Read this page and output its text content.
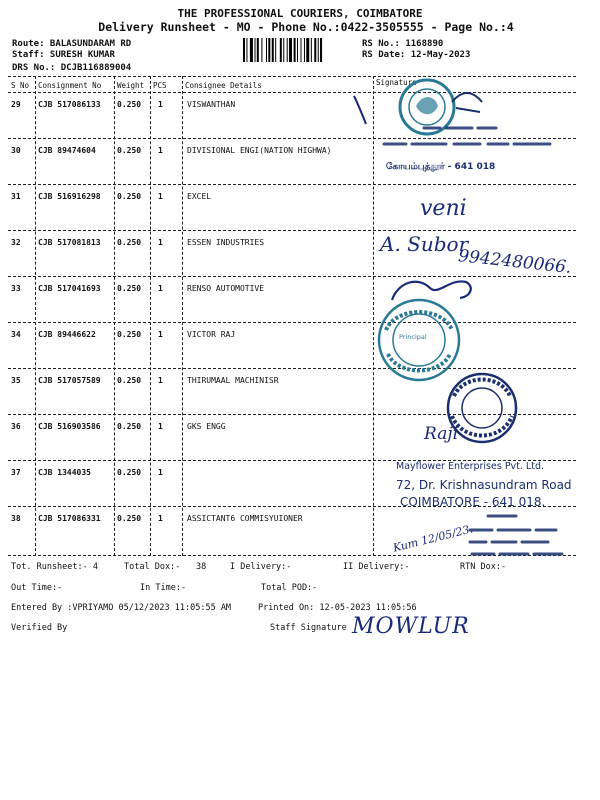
THE PROFESSIONAL COURIERS, COIMBATORE
Delivery Runsheet - MO - Phone No.:0422-3505555 - Page No.:4
Route: BALASUNDARAM RD
Staff: SURESH KUMAR
DRS No.: DCJB116889004
RS No.: 1168890
RS Date: 12-May-2023
S No Consignment No Weight PCS Consignee Details	Signature
29 CJB 517086133 0.250 1	VISWANTHAN
30 CJB 89474604	0.250 1	DIVISIONAL ENGI(NATION HIGHWA)
31 CJB 516916298 0.250 1	EXCEL
32 CJB 517081813 0.250 1	ESSEN INDUSTRIES
33 CJB 517041693 0.250 1	RENSO AUTOMOTIVE
34 CJB 89446622	0.250 1	VICTOR RAJ
35 CJB 517057589 0.250 1	THIRUMAAL MACHINISR
36 CJB 516903586 0.250 1	GKS ENGG
37 CJB 1344035	0.250 1
38 CJB 517086331 0.250 1	ASSICTANT6 COMMISYUIONER
கோயம்புத்தூர் - 641 018
veni
A. Subor
9942480066.
Principal
Raji
Mayflower Enterprises Pvt. Ltd.
72, Dr. Krishnasundram Road
COIMBATORE - 641 018.
Kum 12/05/23.
Tot. Runsheet:- 4	Total Dox:- 38	I Delivery:-	II Delivery:-	RTN Dox:-
Out Time:-	In Time:-	Total POD:-
Entered By :VPRIYAMO 05/12/2023 11:05:55 AM	Printed On: 12-05-2023 11:05:56
Verified By	Staff Signature MOWLUR
